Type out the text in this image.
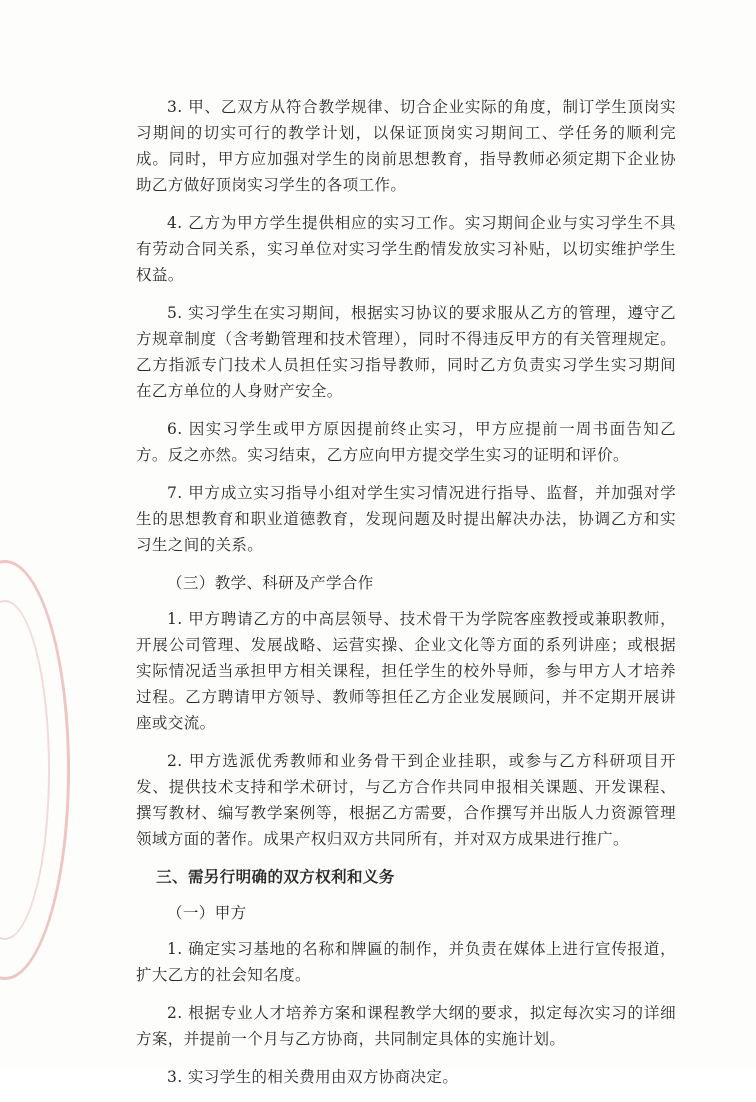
3. 甲、乙双方从符合教学规律、切合企业实际的角度，制订学生顶岗实习期间的切实可行的教学计划，以保证顶岗实习期间工、学任务的顺利完成。同时，甲方应加强对学生的岗前思想教育，指导教师必须定期下企业协助乙方做好顶岗实习学生的各项工作。

4. 乙方为甲方学生提供相应的实习工作。实习期间企业与实习学生不具有劳动合同关系，实习单位对实习学生酌情发放实习补贴，以切实维护学生权益。

5. 实习学生在实习期间，根据实习协议的要求服从乙方的管理，遵守乙方规章制度（含考勤管理和技术管理），同时不得违反甲方的有关管理规定。乙方指派专门技术人员担任实习指导教师，同时乙方负责实习学生实习期间在乙方单位的人身财产安全。

6. 因实习学生或甲方原因提前终止实习，甲方应提前一周书面告知乙方。反之亦然。实习结束，乙方应向甲方提交学生实习的证明和评价。

7. 甲方成立实习指导小组对学生实习情况进行指导、监督，并加强对学生的思想教育和职业道德教育，发现问题及时提出解决办法，协调乙方和实习生之间的关系。

（三）教学、科研及产学合作

1. 甲方聘请乙方的中高层领导、技术骨干为学院客座教授或兼职教师，开展公司管理、发展战略、运营实操、企业文化等方面的系列讲座；或根据实际情况适当承担甲方相关课程，担任学生的校外导师，参与甲方人才培养过程。乙方聘请甲方领导、教师等担任乙方企业发展顾问，并不定期开展讲座或交流。

2. 甲方选派优秀教师和业务骨干到企业挂职，或参与乙方科研项目开发、提供技术支持和学术研讨，与乙方合作共同申报相关课题、开发课程、撰写教材、编写教学案例等，根据乙方需要，合作撰写并出版人力资源管理领域方面的著作。成果产权归双方共同所有，并对双方成果进行推广。

三、需另行明确的双方权利和义务

（一）甲方

1. 确定实习基地的名称和牌匾的制作，并负责在媒体上进行宣传报道，扩大乙方的社会知名度。

2. 根据专业人才培养方案和课程教学大纲的要求，拟定每次实习的详细方案，并提前一个月与乙方协商，共同制定具体的实施计划。

3. 实习学生的相关费用由双方协商决定。
